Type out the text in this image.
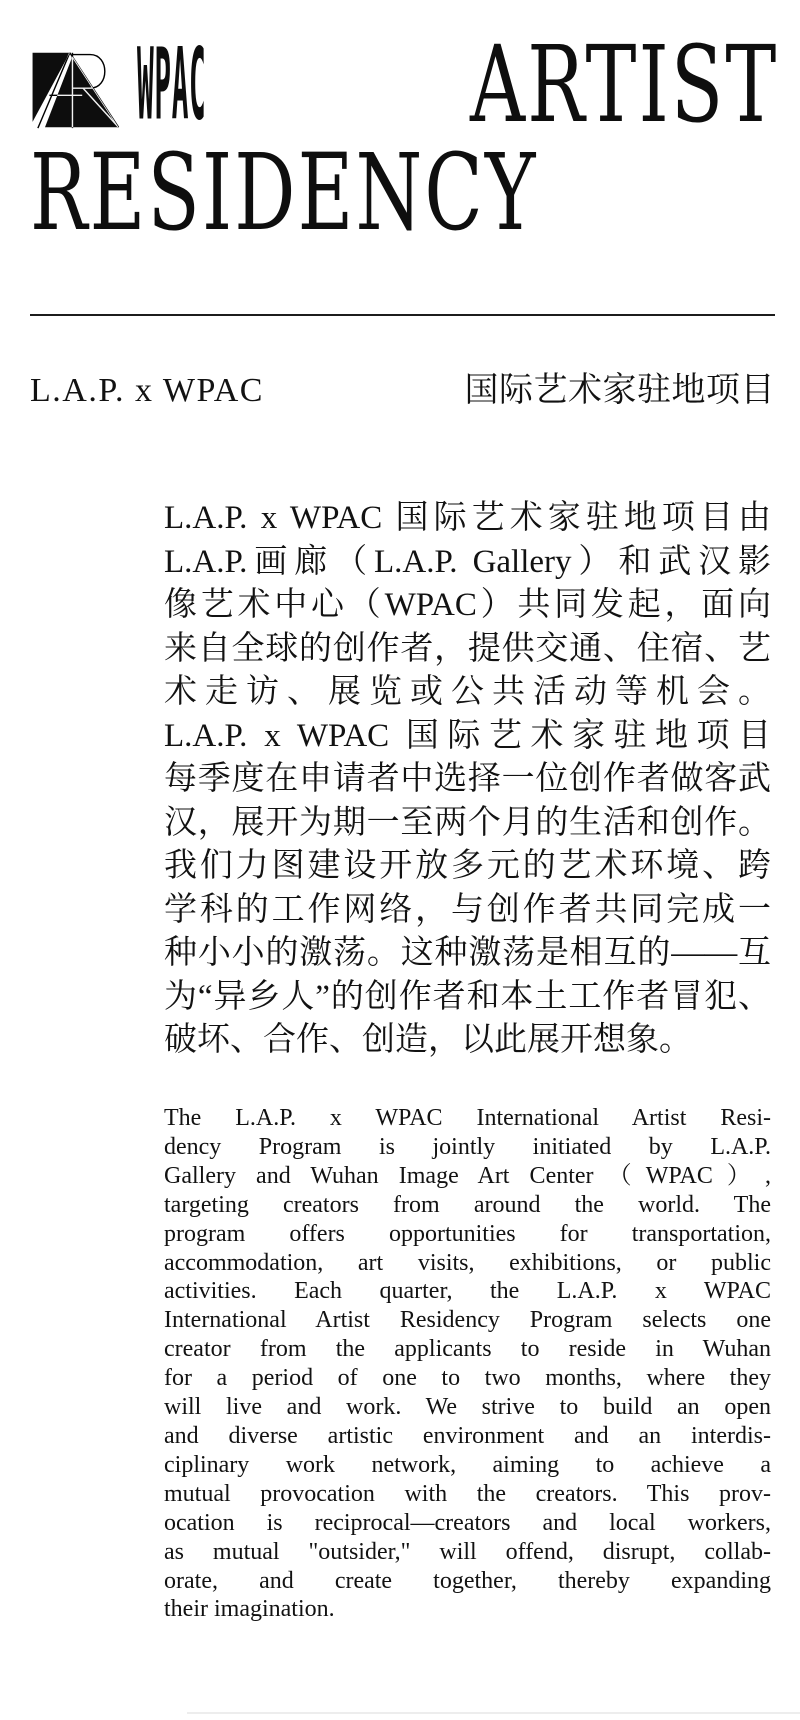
WPAC ARTIST
RESIDENCY
L.A.P. x WPAC	国际艺术家驻地项目
L.A.P. x WPAC 国际艺术家驻地项目由
L.A.P.画廊（L.A.P. Gallery）和武汉影
像艺术中心（WPAC）共同发起，面向
来自全球的创作者，提供交通、住宿、艺
术走访、展览或公共活动等机会。
L.A.P. x WPAC 国际艺术家驻地项目
每季度在申请者中选择一位创作者做客武
汉，展开为期一至两个月的生活和创作。
我们力图建设开放多元的艺术环境、跨
学科的工作网络，与创作者共同完成一
种小小的激荡。这种激荡是相互的——互
为“异乡人”的创作者和本土工作者冒犯、
破坏、合作、创造，以此展开想象。
The L.A.P. x WPAC International Artist Resi-
dency Program is jointly initiated by L.A.P.
Gallery and Wuhan Image Art Center（WPAC）,
targeting creators from around the world. The
program offers opportunities for transportation,
accommodation, art visits, exhibitions, or public
activities. Each quarter, the L.A.P. x WPAC
International Artist Residency Program selects one
creator from the applicants to reside in Wuhan
for a period of one to two months, where they
will live and work. We strive to build an open
and diverse artistic environment and an interdis-
ciplinary work network, aiming to achieve a
mutual provocation with the creators. This prov-
ocation is reciprocal—creators and local workers,
as mutual "outsider," will offend, disrupt, collab-
orate, and create together, thereby expanding
their imagination.
